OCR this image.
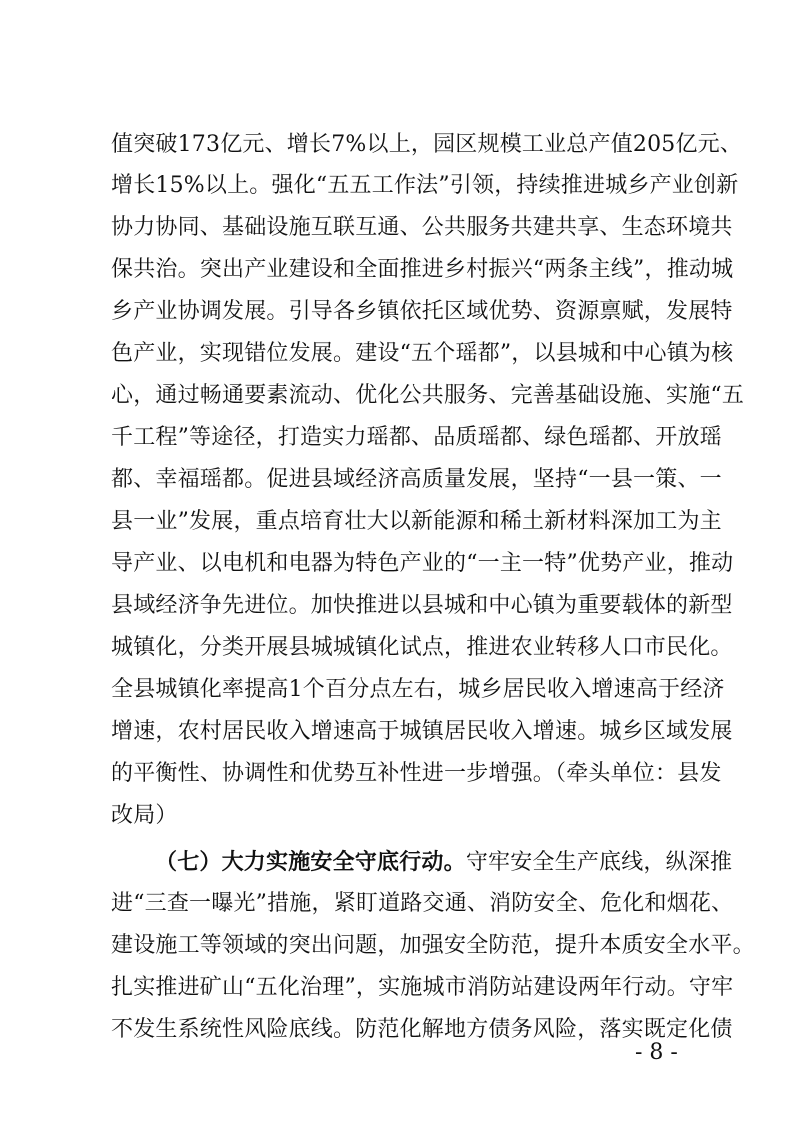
值突破173亿元、增长7%以上，园区规模工业总产值205亿元、
增长15%以上。强化“五五工作法”引领，持续推进城乡产业创新
协力协同、基础设施互联互通、公共服务共建共享、生态环境共
保共治。突出产业建设和全面推进乡村振兴“两条主线”，推动城
乡产业协调发展。引导各乡镇依托区域优势、资源禀赋，发展特
色产业，实现错位发展。建设“五个瑶都”，以县城和中心镇为核
心，通过畅通要素流动、优化公共服务、完善基础设施、实施“五
千工程”等途径，打造实力瑶都、品质瑶都、绿色瑶都、开放瑶
都、幸福瑶都。促进县域经济高质量发展，坚持“一县一策、一
县一业”发展，重点培育壮大以新能源和稀土新材料深加工为主
导产业、以电机和电器为特色产业的“一主一特”优势产业，推动
县域经济争先进位。加快推进以县城和中心镇为重要载体的新型
城镇化，分类开展县城城镇化试点，推进农业转移人口市民化。
全县城镇化率提高1个百分点左右，城乡居民收入增速高于经济
增速，农村居民收入增速高于城镇居民收入增速。城乡区域发展
的平衡性、协调性和优势互补性进一步增强。（牵头单位：县发
改局）
（七）大力实施安全守底行动。守牢安全生产底线，纵深推
进“三查一曝光”措施，紧盯道路交通、消防安全、危化和烟花、
建设施工等领域的突出问题，加强安全防范，提升本质安全水平。
扎实推进矿山“五化治理”，实施城市消防站建设两年行动。守牢
不发生系统性风险底线。防范化解地方债务风险，落实既定化债
- 8 -
